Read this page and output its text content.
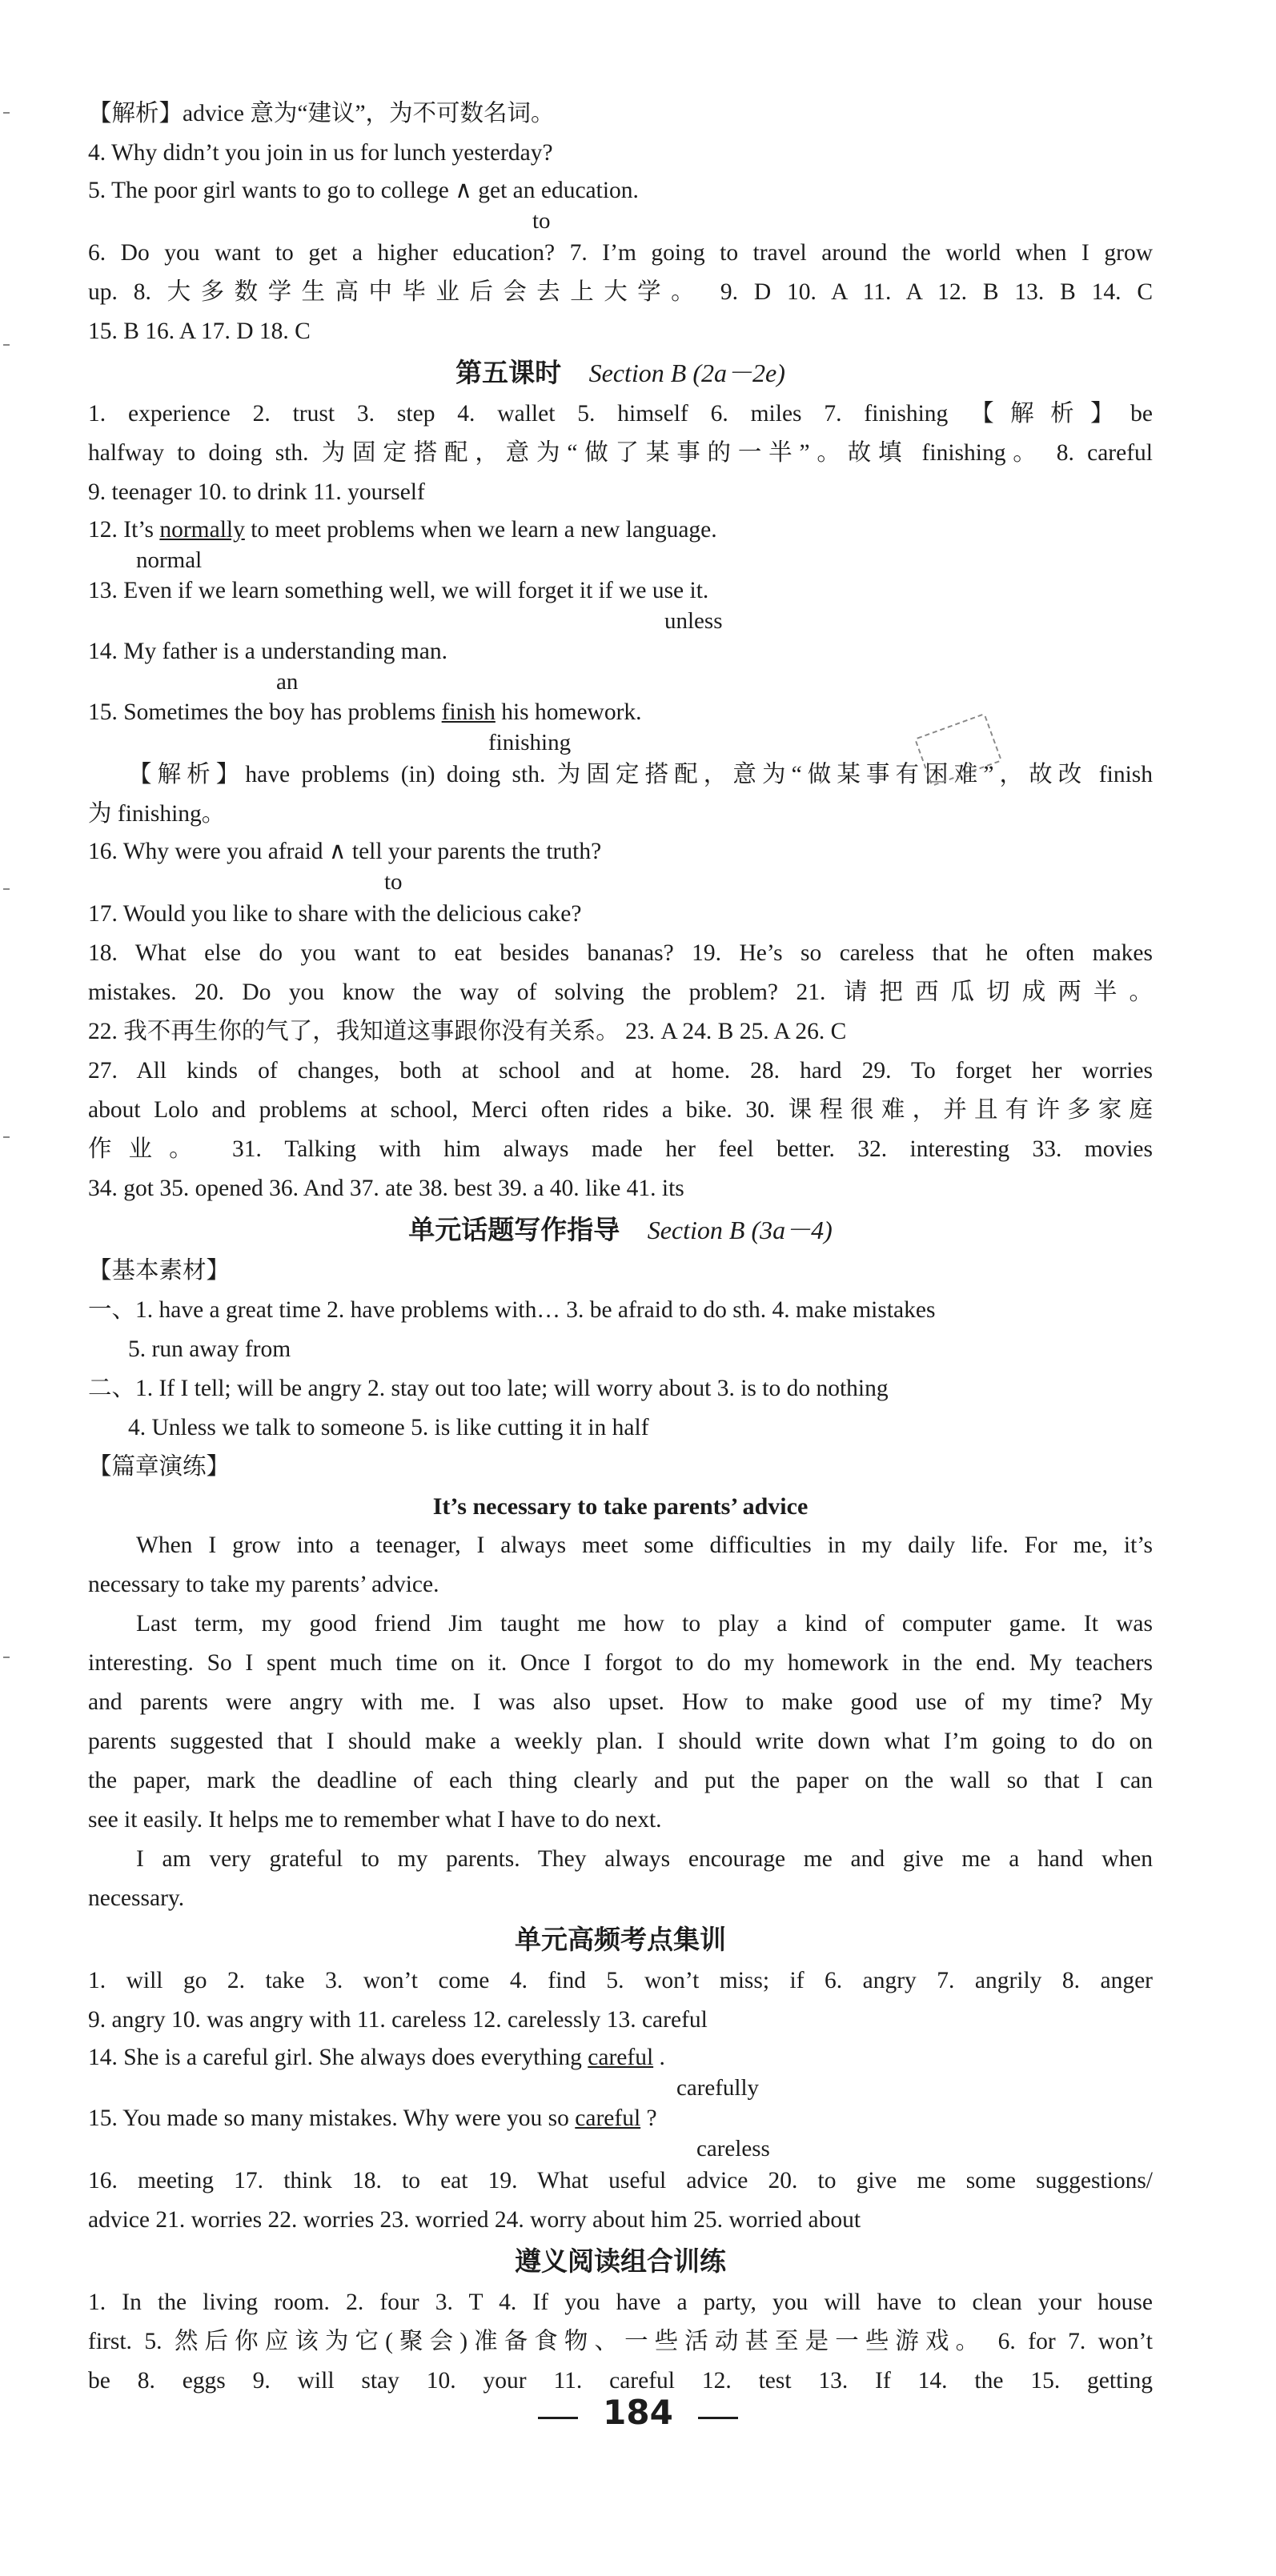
【解析】advice 意为“建议”，为不可数名词。
4. Why didn’t you join in us for lunch yesterday?
5. The poor girl wants to go to college ∧ get an education.
to
6. Do you want to get a higher education? 7. I’m going to travel around the world when I grow
up. 8. 大多数学生高中毕业后会去上大学。 9. D 10. A 11. A 12. B 13. B 14. C
15. B 16. A 17. D 18. C
第五课时 Section B (2a－2e)
1. experience 2. trust 3. step 4. wallet 5. himself 6. miles 7. finishing 【解析】be
halfway to doing sth. 为固定搭配，意为“做了某事的一半”。故填 finishing。 8. careful
9. teenager 10. to drink 11. yourself
12. It’s normally to meet problems when we learn a new language.
normal
13. Even if we learn something well, we will forget it if we use it.
unless
14. My father is a understanding man.
an
15. Sometimes the boy has problems finish his homework.
finishing
【解析】have problems (in) doing sth. 为固定搭配，意为“做某事有困难”，故改 finish
为 finishing。
16. Why were you afraid ∧ tell your parents the truth?
to
17. Would you like to share with the delicious cake?
18. What else do you want to eat besides bananas? 19. He’s so careless that he often makes
mistakes. 20. Do you know the way of solving the problem? 21. 请把西瓜切成两半。
22. 我不再生你的气了，我知道这事跟你没有关系。 23. A 24. B 25. A 26. C
27. All kinds of changes, both at school and at home. 28. hard 29. To forget her worries
about Lolo and problems at school, Merci often rides a bike. 30. 课程很难，并且有许多家庭
作业。 31. Talking with him always made her feel better. 32. interesting 33. movies
34. got 35. opened 36. And 37. ate 38. best 39. a 40. like 41. its
单元话题写作指导 Section B (3a－4)
【基本素材】
一、1. have a great time 2. have problems with… 3. be afraid to do sth. 4. make mistakes
5. run away from
二、1. If I tell; will be angry 2. stay out too late; will worry about 3. is to do nothing
4. Unless we talk to someone 5. is like cutting it in half
【篇章演练】
It’s necessary to take parents’ advice
When I grow into a teenager, I always meet some difficulties in my daily life. For me, it’s
necessary to take my parents’ advice.
Last term, my good friend Jim taught me how to play a kind of computer game. It was
interesting. So I spent much time on it. Once I forgot to do my homework in the end. My teachers
and parents were angry with me. I was also upset. How to make good use of my time? My
parents suggested that I should make a weekly plan. I should write down what I’m going to do on
the paper, mark the deadline of each thing clearly and put the paper on the wall so that I can
see it easily. It helps me to remember what I have to do next.
I am very grateful to my parents. They always encourage me and give me a hand when
necessary.
单元高频考点集训
1. will go 2. take 3. won’t come 4. find 5. won’t miss; if 6. angry 7. angrily 8. anger
9. angry 10. was angry with 11. careless 12. carelessly 13. careful
14. She is a careful girl. She always does everything careful .
carefully
15. You made so many mistakes. Why were you so careful ?
careless
16. meeting 17. think 18. to eat 19. What useful advice 20. to give me some suggestions/
advice 21. worries 22. worries 23. worried 24. worry about him 25. worried about
遵义阅读组合训练
1. In the living room. 2. four 3. T 4. If you have a party, you will have to clean your house
first. 5. 然后你应该为它(聚会)准备食物、一些活动甚至是一些游戏。 6. for 7. won’t
be 8. eggs 9. will stay 10. your 11. careful 12. test 13. If 14. the 15. getting
184
